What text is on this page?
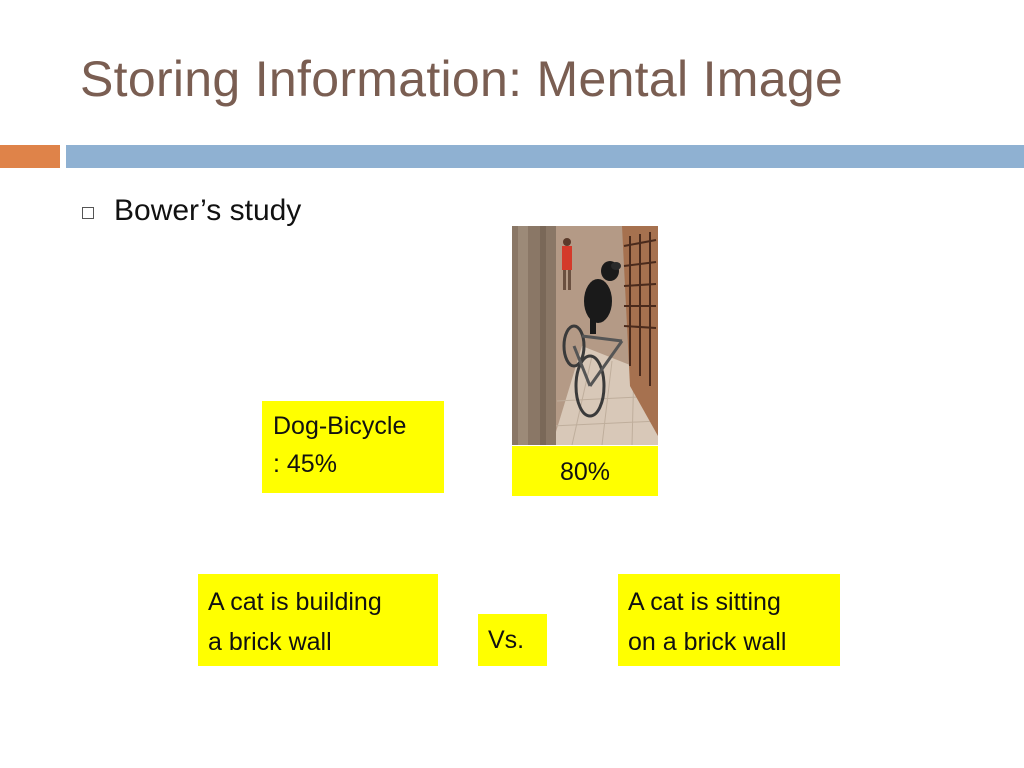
Storing Information: Mental Image
Bower’s study
Dog-Bicycle
: 45%	80%
A cat is building
a brick wall	Vs.
A cat is sitting
on a brick wall
